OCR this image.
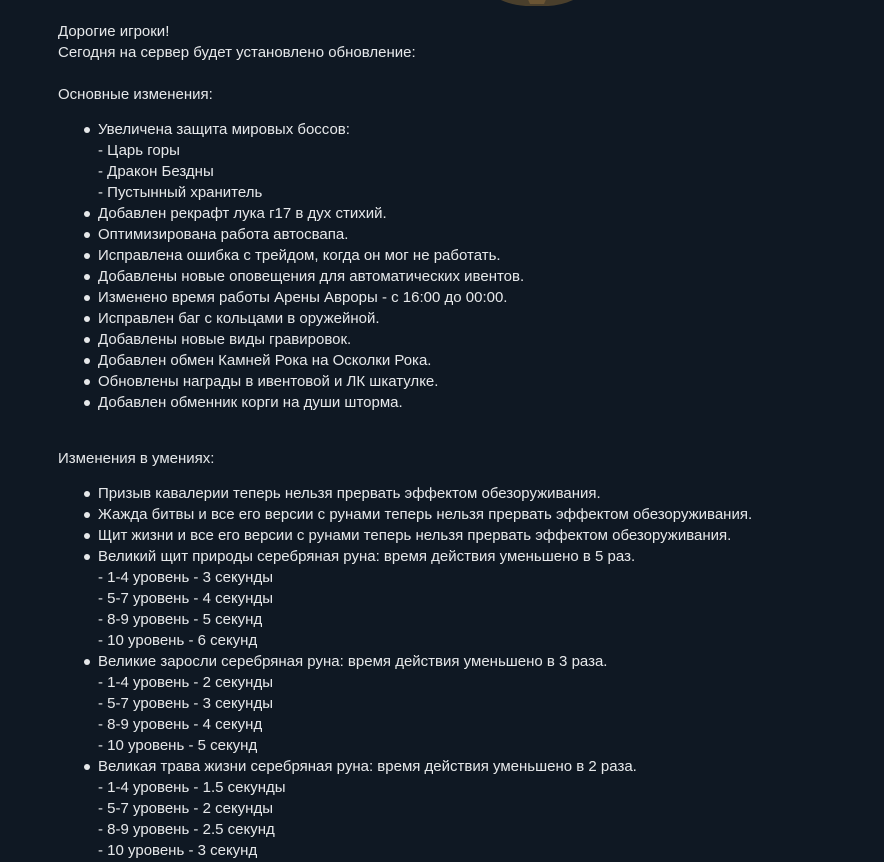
Дорогие игроки!
Сегодня на сервер будет установлено обновление:
Основные изменения:
Увеличена защита мировых боссов:
- Царь горы
- Дракон Бездны
- Пустынный хранитель
Добавлен рекрафт лука г17 в дух стихий.
Оптимизирована работа автосвапа.
Исправлена ошибка с трейдом, когда он мог не работать.
Добавлены новые оповещения для автоматических ивентов.
Изменено время работы Арены Авроры - с 16:00 до 00:00.
Исправлен баг с кольцами в оружейной.
Добавлены новые виды гравировок.
Добавлен обмен Камней Рока на Осколки Рока.
Обновлены награды в ивентовой и ЛК шкатулке.
Добавлен обменник корги на души шторма.
Изменения в умениях:
Призыв кавалерии теперь нельзя прервать эффектом обезоруживания.
Жажда битвы и все его версии с рунами теперь нельзя прервать эффектом обезоруживания.
Щит жизни и все его версии с рунами теперь нельзя прервать эффектом обезоруживания.
Великий щит природы серебряная руна: время действия уменьшено в 5 раз.
- 1-4 уровень - 3 секунды
- 5-7 уровень - 4 секунды
- 8-9 уровень - 5 секунд
- 10 уровень - 6 секунд
Великие заросли серебряная руна: время действия уменьшено в 3 раза.
- 1-4 уровень - 2 секунды
- 5-7 уровень - 3 секунды
- 8-9 уровень - 4 секунд
- 10 уровень - 5 секунд
Великая трава жизни серебряная руна: время действия уменьшено в 2 раза.
- 1-4 уровень - 1.5 секунды
- 5-7 уровень - 2 секунды
- 8-9 уровень - 2.5 секунд
- 10 уровень - 3 секунд
